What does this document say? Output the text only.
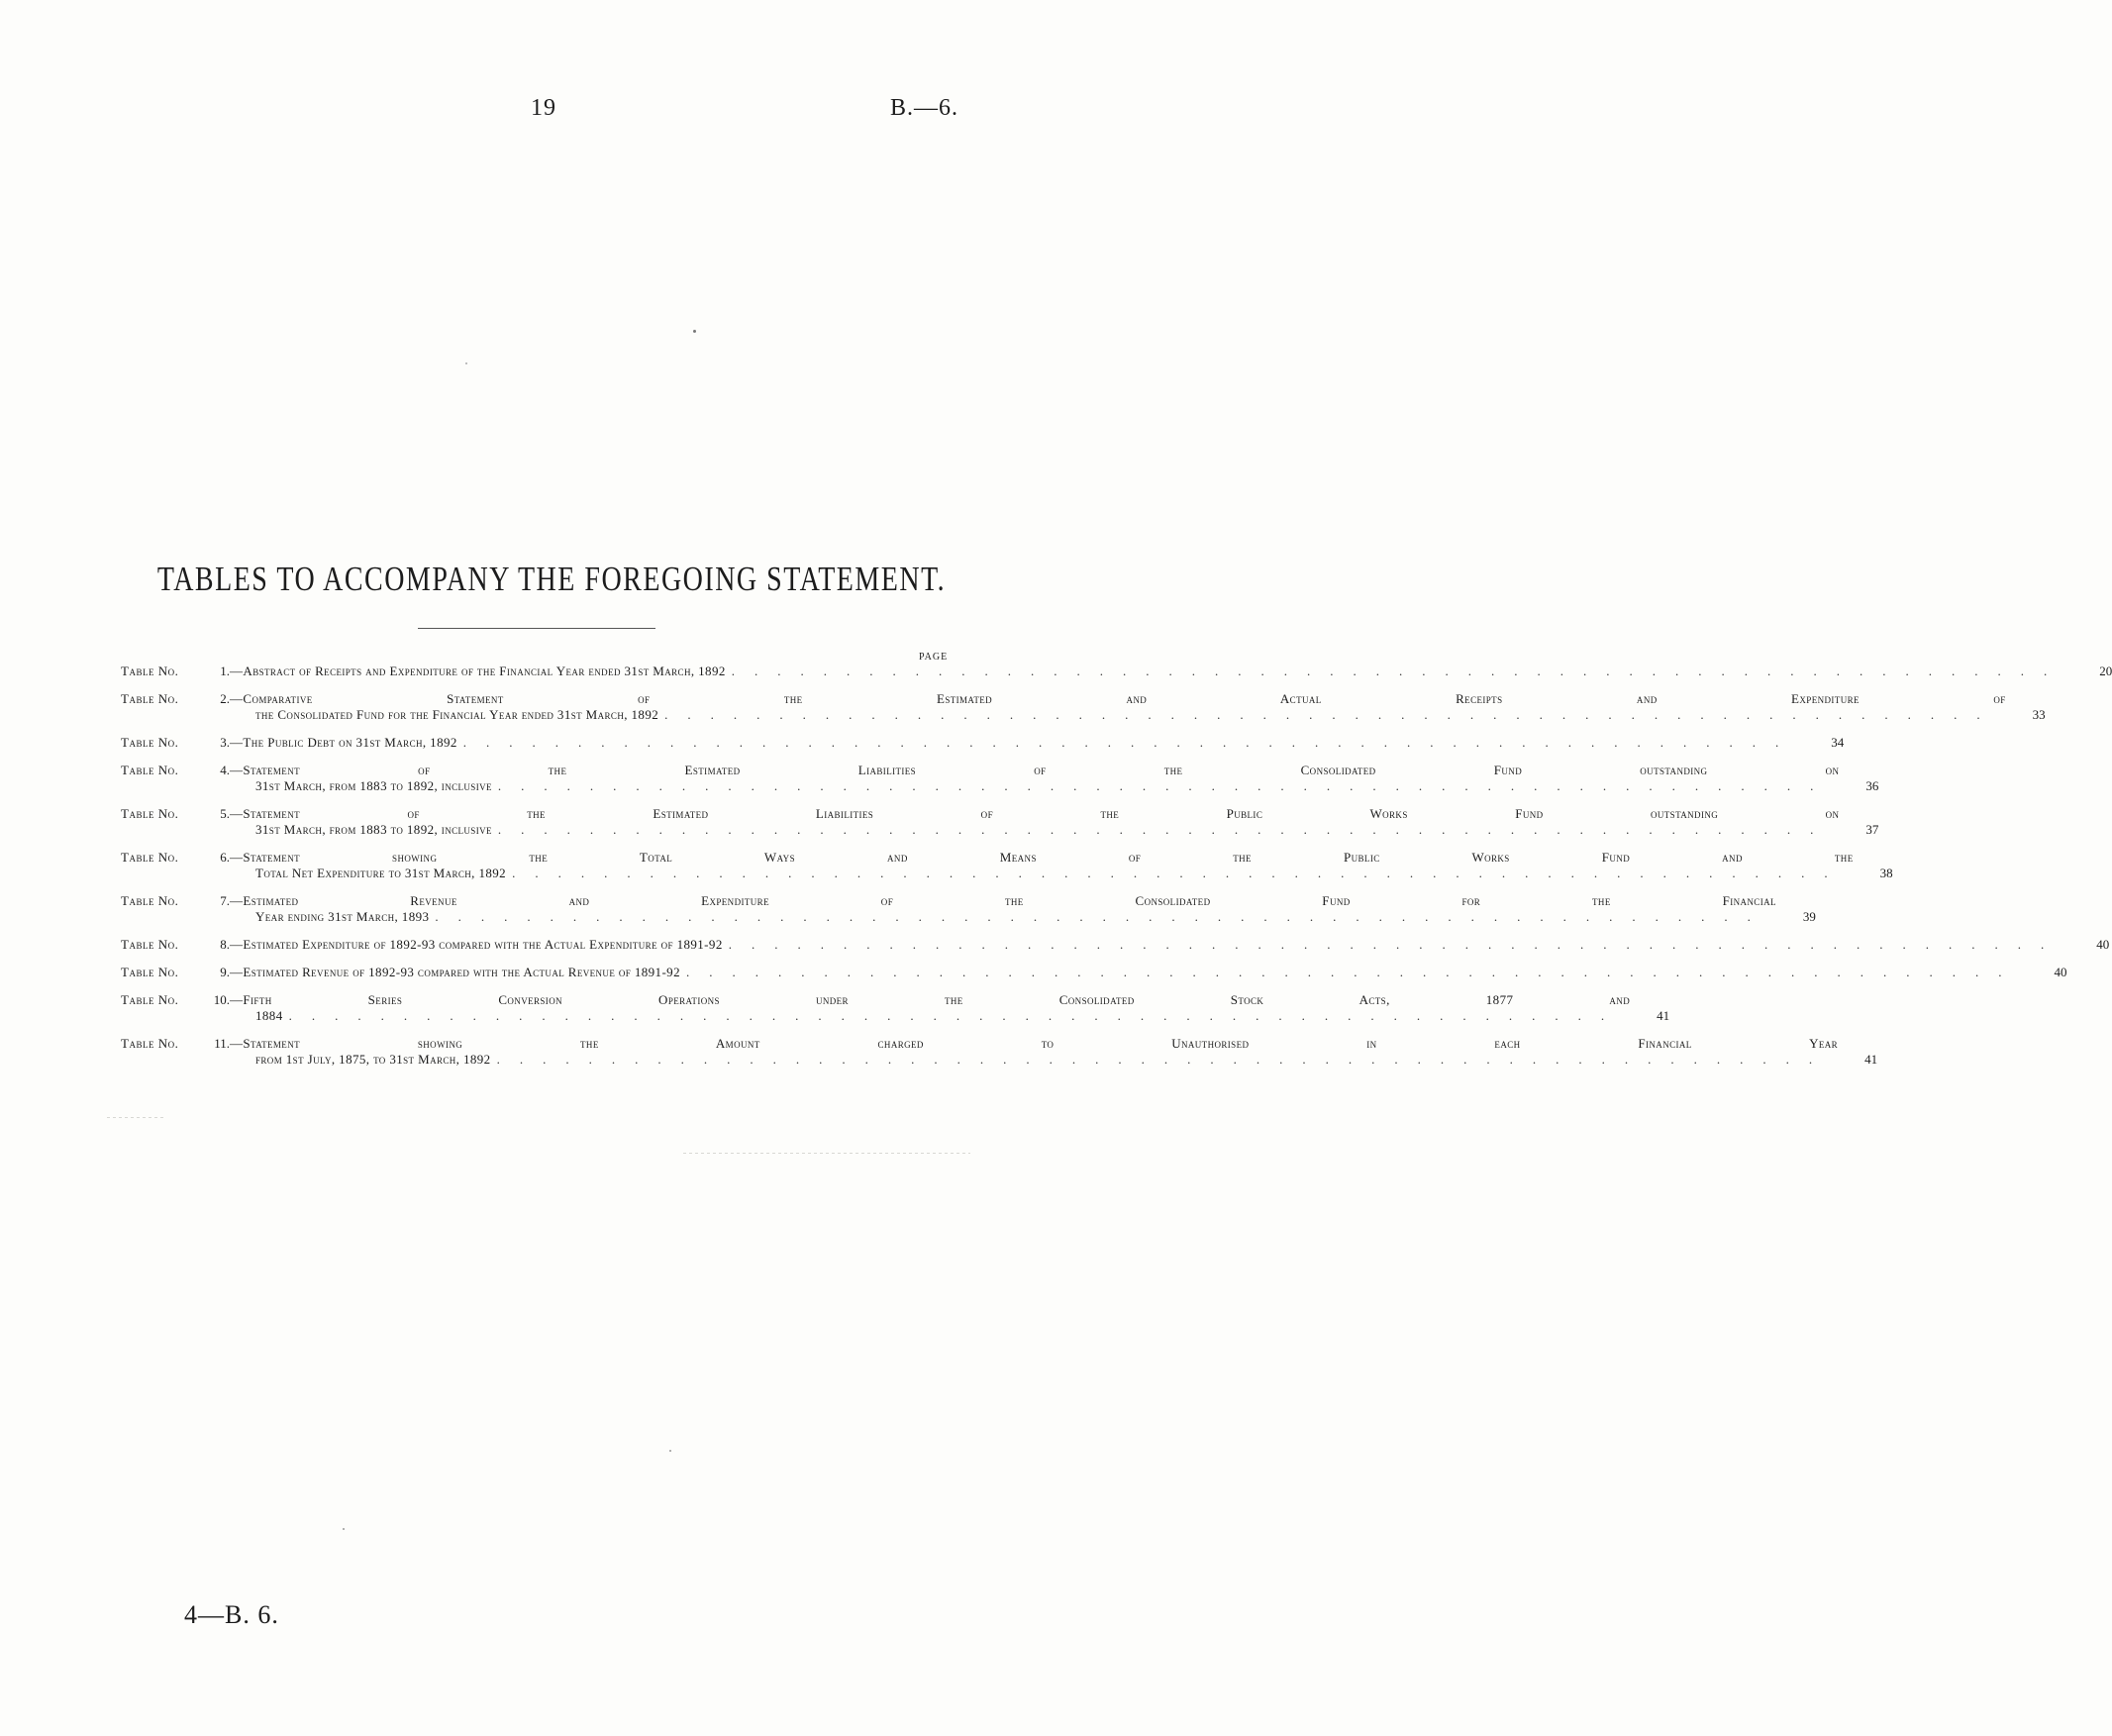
19	B.—6.
TABLES TO ACCOMPANY THE FOREGOING STATEMENT.
PAGE
Table No.	1. —Abstract of Receipts and Expenditure of the Financial Year ended 31st March, 1892 ..........................................................	20
Table No.	2. —Comparative Statement of the Estimated and Actual Receipts and Expenditure of
the Consolidated Fund for the Financial Year ended 31st March, 1892 ..........................................................	33
Table No.	3. —The Public Debt on 31st March, 1892 ..........................................................	34
Table No.	4. —Statement of the Estimated Liabilities of the Consolidated Fund outstanding on
31st March, from 1883 to 1892, inclusive ..........................................................	36
Table No.	5. —Statement of the Estimated Liabilities of the Public Works Fund outstanding on
31st March, from 1883 to 1892, inclusive ..........................................................	37
Table No.	6. —Statement showing the Total Ways and Means of the Public Works Fund and the
Total Net Expenditure to 31st March, 1892 ..........................................................	38
Table No.	7. —Estimated Revenue and Expenditure of the Consolidated Fund for the Financial
Year ending 31st March, 1893 ..........................................................	39
Table No.	8. —Estimated Expenditure of 1892-93 compared with the Actual Expenditure of 1891-92 ..........................................................	40
Table No.	9. —Estimated Revenue of 1892-93 compared with the Actual Revenue of 1891-92 ..........................................................	40
Table No.	10. —Fifth Series Conversion Operations under the Consolidated Stock Acts, 1877 and
1884 ..........................................................	41
Table No.	11. —Statement showing the Amount charged to Unauthorised in each Financial Year
from 1st July, 1875, to 31st March, 1892 ..........................................................	41
4—B. 6.
